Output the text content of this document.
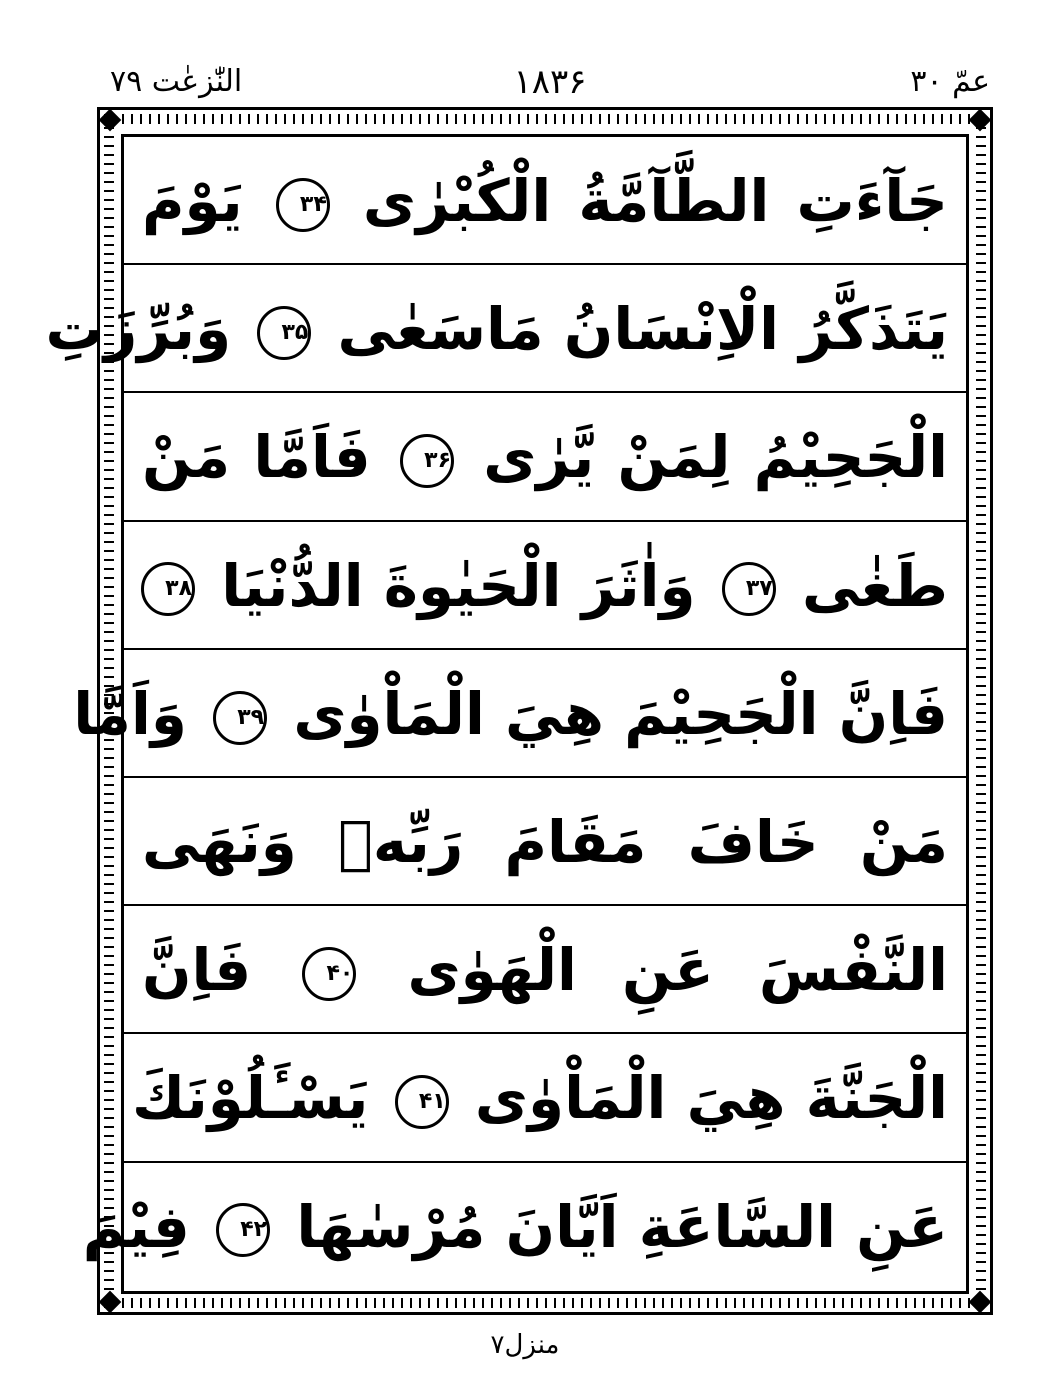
عمّ ۳۰
۱۸۳۶
النّٰزعٰت ۷۹
جَآءَتِ الطَّآمَّةُ الْكُبْرٰى ۳۴ يَوْمَ
يَتَذَكَّرُ الْاِنْسَانُ مَاسَعٰى ۳۵ وَبُرِّزَتِ
الْجَحِيْمُ لِمَنْ يَّرٰى ۳۶ فَاَمَّا مَنْ
طَغٰى ۳۷ وَاٰثَرَ الْحَيٰوةَ الدُّنْيَا ۳۸
فَاِنَّ الْجَحِيْمَ هِيَ الْمَاْوٰى ۳۹ وَاَمَّا
مَنْ خَافَ مَقَامَ رَبِّهٖ وَنَهَى
النَّفْسَ عَنِ الْهَوٰى ۴۰ فَاِنَّ
الْجَنَّةَ هِيَ الْمَاْوٰى ۴۱ يَسْـَٔلُوْنَكَ
عَنِ السَّاعَةِ اَيَّانَ مُرْسٰهَا ۴۲ فِيْمَ
منزل۷
